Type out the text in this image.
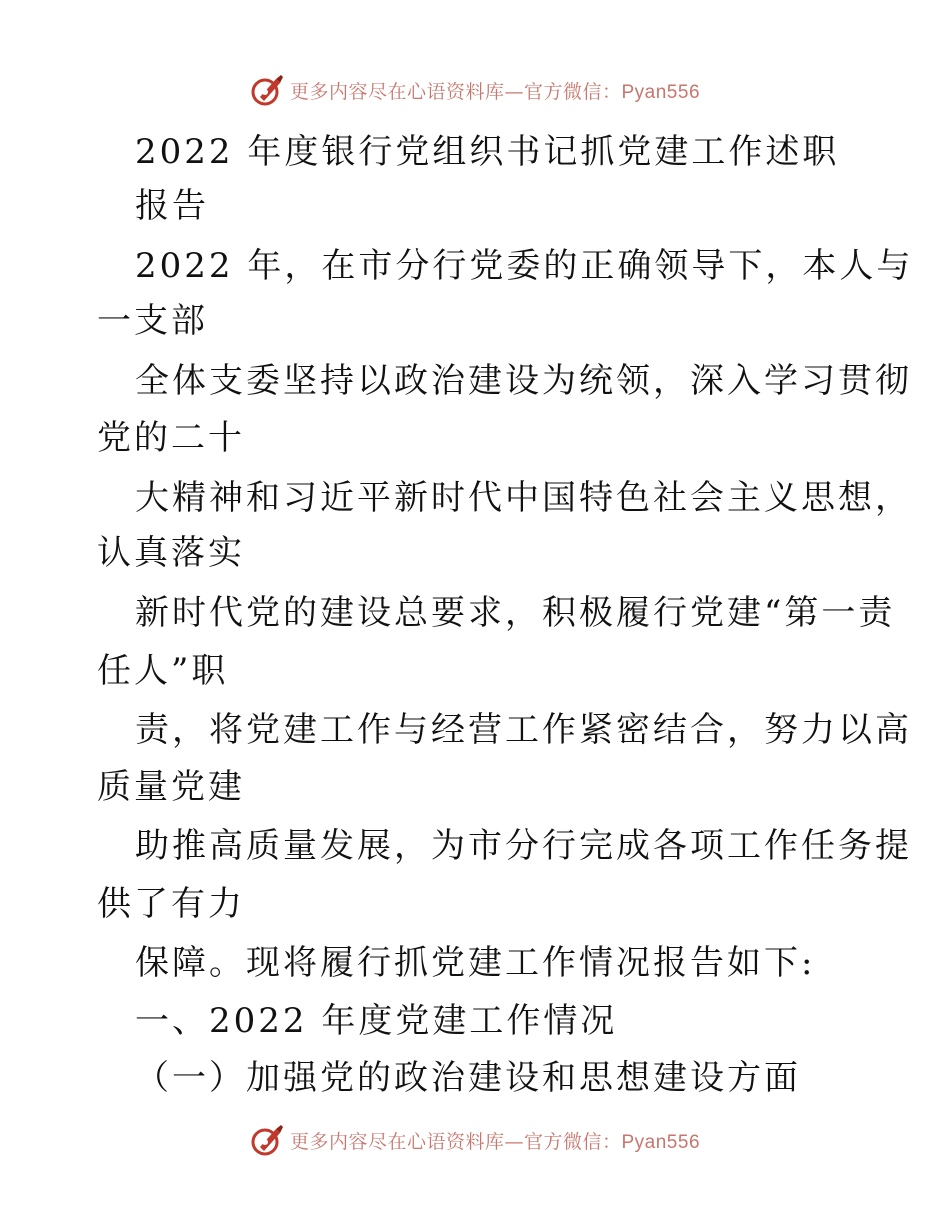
更多内容尽在心语资料库—官方微信：Pyan556
2022 年度银行党组织书记抓党建工作述职
报告
2022 年，在市分行党委的正确领导下，本人与
一支部
全体支委坚持以政治建设为统领，深入学习贯彻
党的二十
大精神和习近平新时代中国特色社会主义思想，
认真落实
新时代党的建设总要求，积极履行党建“第一责
任人”职
责，将党建工作与经营工作紧密结合，努力以高
质量党建
助推高质量发展，为市分行完成各项工作任务提
供了有力
保障。现将履行抓党建工作情况报告如下:
一、2022 年度党建工作情况
（一）加强党的政治建设和思想建设方面
更多内容尽在心语资料库—官方微信：Pyan556
